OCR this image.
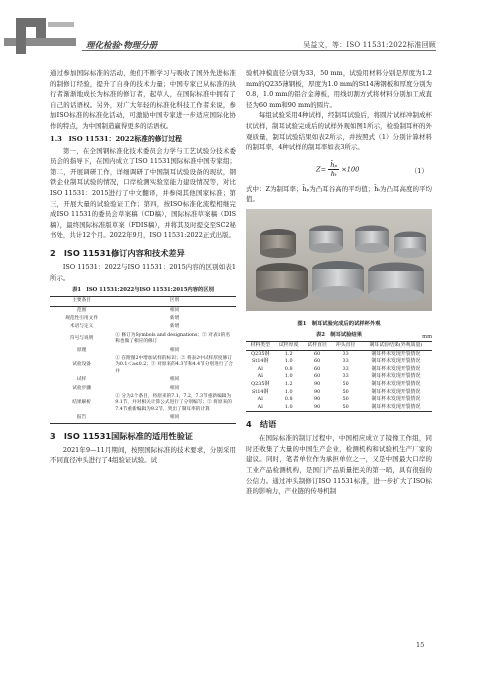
理化检验·物理分册	吴益文，等：ISO 11531:2022标准回顾

通过参加国际标准的活动，他们不断学习与吸收了国外先进标准的制修订经验，提升了自身的技术力量；中国专家已从标准的执行者渐渐地成长为标准的修订者，起草人，在国际标准中拥有了自己的话语权。另外，对广大年轻的标准化科技工作者来说，参加ISO标准的标准化活动，可激励中国专家进一步适应国际化协作的特点，为中国制造赢得更多的话语权。

1.3　ISO 11531：2022标准的修订过程

第一，在全国钢标准化技术委员会力学与工艺试验分技术委员会的指导下，在国内成立了ISO 11531国际标准中国专家组；第二，开展调研工作，详细调研了中国制耳试验设备的现状，钢铁企业制耳试验的情况，口岸检测实验室能力建设情况等，对比ISO 11531：2015进行了中文翻译，并参阅其他国家标准；第三，开展大量的试验验证工作；第四，按ISO标准化流程相继完成ISO 11531的委员会草案稿（CD稿），国际标准草案稿（DIS稿），最终国际标准版草案（FDIS稿），并将其及时提交至SC2秘书处，共计12个月。2022年9月，ISO 11531:2022正式出版。

2　ISO 11531修订内容和技术差异

ISO 11531：2022与ISO 11531：2015内容的区别如表1所示。

表1　ISO 11531:2022与ISO 11531:2015内容的区别
主要条目	区别
范围	相同
规范性引用文件	新增
术语与定义	新增
符号与说明	① 修订为Symbols and designations；② 对表1的名称也做了相应的修订
原理	相同
试验设备	① 在附图2中增加试样的标识；② 将表2中试样厚度修订为0.1＜a≤0.2；③ 对原来的4.3节和4.4节分别进行了合并
试样	相同
试验步骤	相同
结果解析	① 分为2个条目，将原来的7.1，7.2，7.3节重新编辑为9.1节，并对相关计算公式进行了分别编写；② 将原来的7.4节重新编辑为9.2节，突出了制耳率的计算
报告	相同
3　ISO 11531国际标准的适用性验证

2021年9—11月期间，按照国际标准的技术要求，分别采用不同直径冲头进行了4组验证试验。试

验机冲模直径分别为33，50 mm，试验用材料分别是厚度为1.2 mm的Q235薄钢板，厚度为1.0 mm的St14薄钢板和厚度分别为0.8，1.0 mm的铝合金薄板，用线切割方式将材料分别加工成直径为60 mm和90 mm的圆片。

每组试验采用4种试样，经制耳试验后，将圆片试样冲制成杯状试样，制耳试验完成后的试样外观如图1所示，检验制耳杯的外观质量，制耳试验结果如表2所示，并按照式（1）分别计算材料的制耳率，4种试样的制耳率如表3所示。

$Z= \frac{\text{h̄ₚ}}{\text{h̄ₜ}} \times 100$	（1）

式中：Z为制耳率；h̄ₚ为凸耳谷高的平均值；h̄ₜ为凸耳高度的平均值。

图1　制耳试验完成后的试样杯外观
表2　制耳试验结果	mm
材料类型	试样厚度	试样直径	冲头直径	制耳试验结果(外观质量)
Q235钢	1.2	60	33	制耳杯未发现开裂情况
St14钢	1.0	60	33	制耳杯未发现开裂情况
Al	0.8	60	33	制耳杯未发现开裂情况
Al	1.0	60	33	制耳杯未发现开裂情况
Q235钢	1.2	90	50	制耳杯未发现开裂情况
St14钢	1.0	90	50	制耳杯未发现开裂情况
Al	0.8	90	50	制耳杯未发现开裂情况
Al	1.0	90	50	制耳杯未发现开裂情况
4　结语

在国际标准的制订过程中，中国相应成立了镜像工作组，同时还收集了大量的中国生产企业，检测机构和试验机生产厂家的建议。同时，笔者单位作为承担单位之一，又是中国最大口岸的工业产品检测机构，是国门产品质量把关的第一哨，具有很强的公信力。通过冲头制修订ISO 11531标准，进一步扩大了ISO标准的影响力，产业链的传导机制

15
